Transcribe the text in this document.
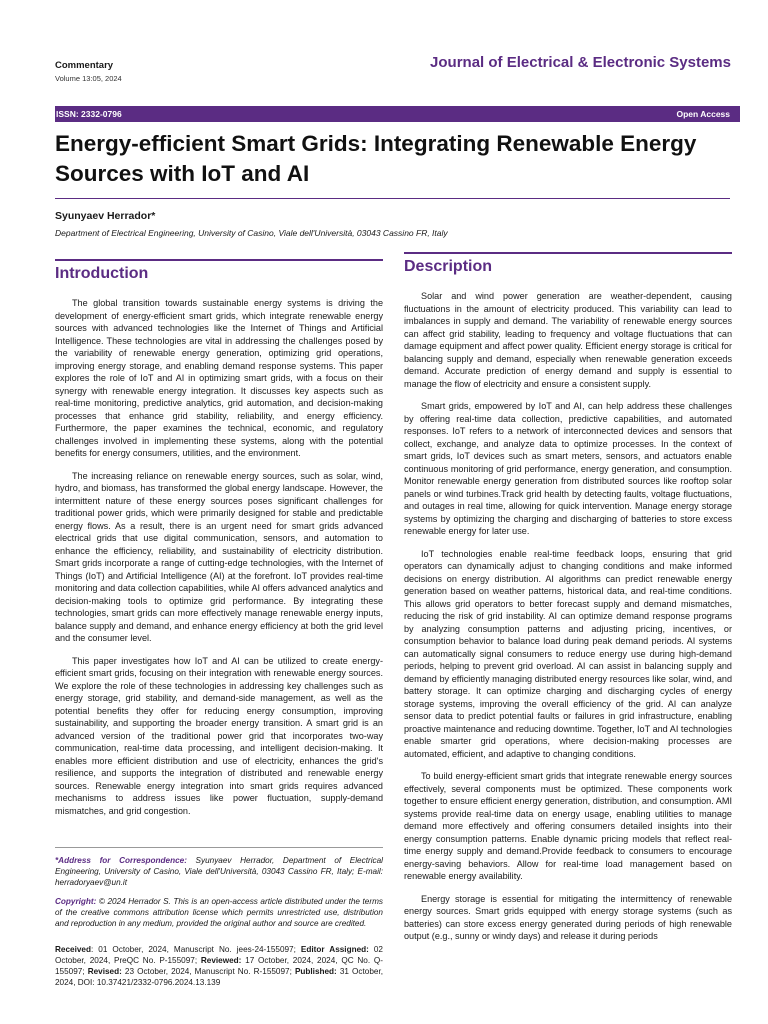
Commentary
Volume 13:05, 2024
Journal of Electrical & Electronic Systems
ISSN: 2332-0796	Open Access
Energy-efficient Smart Grids: Integrating Renewable Energy Sources with IoT and AI
Syunyaev Herrador*
Department of Electrical Engineering, University of Casino, Viale dell'Università, 03043 Cassino FR, Italy
Introduction

The global transition towards sustainable energy systems is driving the development of energy-efficient smart grids, which integrate renewable energy sources with advanced technologies like the Internet of Things and Artificial Intelligence. These technologies are vital in addressing the challenges posed by the variability of renewable energy generation, optimizing grid operations, improving energy storage, and enabling demand response systems. This paper explores the role of IoT and AI in optimizing smart grids, with a focus on their synergy with renewable energy integration. It discusses key aspects such as real-time monitoring, predictive analytics, grid automation, and decision-making processes that enhance grid stability, reliability, and energy efficiency. Furthermore, the paper examines the technical, economic, and regulatory challenges involved in implementing these systems, along with the potential benefits for energy consumers, utilities, and the environment.

The increasing reliance on renewable energy sources, such as solar, wind, hydro, and biomass, has transformed the global energy landscape. However, the intermittent nature of these energy sources poses significant challenges for traditional power grids, which were primarily designed for stable and predictable energy flows. As a result, there is an urgent need for smart grids advanced electrical grids that use digital communication, sensors, and automation to enhance the efficiency, reliability, and sustainability of electricity distribution. Smart grids incorporate a range of cutting-edge technologies, with the Internet of Things (IoT) and Artificial Intelligence (AI) at the forefront. IoT provides real-time monitoring and data collection capabilities, while AI offers advanced analytics and decision-making tools to optimize grid performance. By integrating these technologies, smart grids can more effectively manage renewable energy inputs, balance supply and demand, and enhance energy efficiency at both the grid level and the consumer level.

This paper investigates how IoT and AI can be utilized to create energy-efficient smart grids, focusing on their integration with renewable energy sources. We explore the role of these technologies in addressing key challenges such as energy storage, grid stability, and demand-side management, as well as the potential benefits they offer for reducing energy consumption, improving sustainability, and supporting the broader energy transition. A smart grid is an advanced version of the traditional power grid that incorporates two-way communication, real-time data processing, and intelligent decision-making. It enables more efficient distribution and use of electricity, enhances the grid's resilience, and supports the integration of distributed and renewable energy sources. Renewable energy integration into smart grids requires advanced mechanisms to address issues like power fluctuation, supply-demand mismatches, and grid congestion.

Description

Solar and wind power generation are weather-dependent, causing fluctuations in the amount of electricity produced. This variability can lead to imbalances in supply and demand. The variability of renewable energy sources can affect grid stability, leading to frequency and voltage fluctuations that can damage equipment and affect power quality. Efficient energy storage is critical for balancing supply and demand, especially when renewable generation exceeds demand. Accurate prediction of energy demand and supply is essential to manage the flow of electricity and ensure a consistent supply.

Smart grids, empowered by IoT and AI, can help address these challenges by offering real-time data collection, predictive capabilities, and automated responses. IoT refers to a network of interconnected devices and sensors that collect, exchange, and analyze data to optimize processes. In the context of smart grids, IoT devices such as smart meters, sensors, and actuators enable continuous monitoring of grid performance, energy generation, and consumption. Monitor renewable energy generation from distributed sources like rooftop solar panels or wind turbines.Track grid health by detecting faults, voltage fluctuations, and outages in real time, allowing for quick intervention. Manage energy storage systems by optimizing the charging and discharging of batteries to store excess renewable energy for later use.

IoT technologies enable real-time feedback loops, ensuring that grid operators can dynamically adjust to changing conditions and make informed decisions on energy distribution. AI algorithms can predict renewable energy generation based on weather patterns, historical data, and real-time conditions. This allows grid operators to better forecast supply and demand mismatches, reducing the risk of grid instability. AI can optimize demand response programs by analyzing consumption patterns and adjusting pricing, incentives, or consumption behavior to balance load during peak demand periods. AI systems can automatically signal consumers to reduce energy use during high-demand periods, helping to prevent grid overload. AI can assist in balancing supply and demand by efficiently managing distributed energy resources like solar, wind, and battery storage. It can optimize charging and discharging cycles of energy storage systems, improving the overall efficiency of the grid. AI can analyze sensor data to predict potential faults or failures in grid infrastructure, enabling proactive maintenance and reducing downtime. Together, IoT and AI technologies enable smarter grid operations, where decision-making processes are automated, efficient, and adaptive to changing conditions.

To build energy-efficient smart grids that integrate renewable energy sources effectively, several components must be optimized. These components work together to ensure efficient energy generation, distribution, and consumption. AMI systems provide real-time data on energy usage, enabling utilities to manage demand more effectively and offering consumers detailed insights into their energy consumption patterns. Enable dynamic pricing models that reflect real-time energy supply and demand.Provide feedback to consumers to encourage energy-saving behaviors. Allow for real-time load management based on renewable energy availability.

Energy storage is essential for mitigating the intermittency of renewable energy sources. Smart grids equipped with energy storage systems (such as batteries) can store excess energy generated during periods of high renewable output (e.g., sunny or windy days) and release it during periods

*Address for Correspondence: Syunyaev Herrador, Department of Electrical Engineering, University of Casino, Viale dell'Università, 03043 Cassino FR, Italy; E-mail: herradoryaev@un.it
Copyright: © 2024 Herrador S. This is an open-access article distributed under the terms of the creative commons attribution license which permits unrestricted use, distribution and reproduction in any medium, provided the original author and source are credited.
Received: 01 October, 2024, Manuscript No. jees-24-155097; Editor Assigned: 02 October, 2024, PreQC No. P-155097; Reviewed: 17 October, 2024, 2024, QC No. Q-155097; Revised: 23 October, 2024, Manuscript No. R-155097; Published: 31 October, 2024, DOI: 10.37421/2332-0796.2024.13.139
